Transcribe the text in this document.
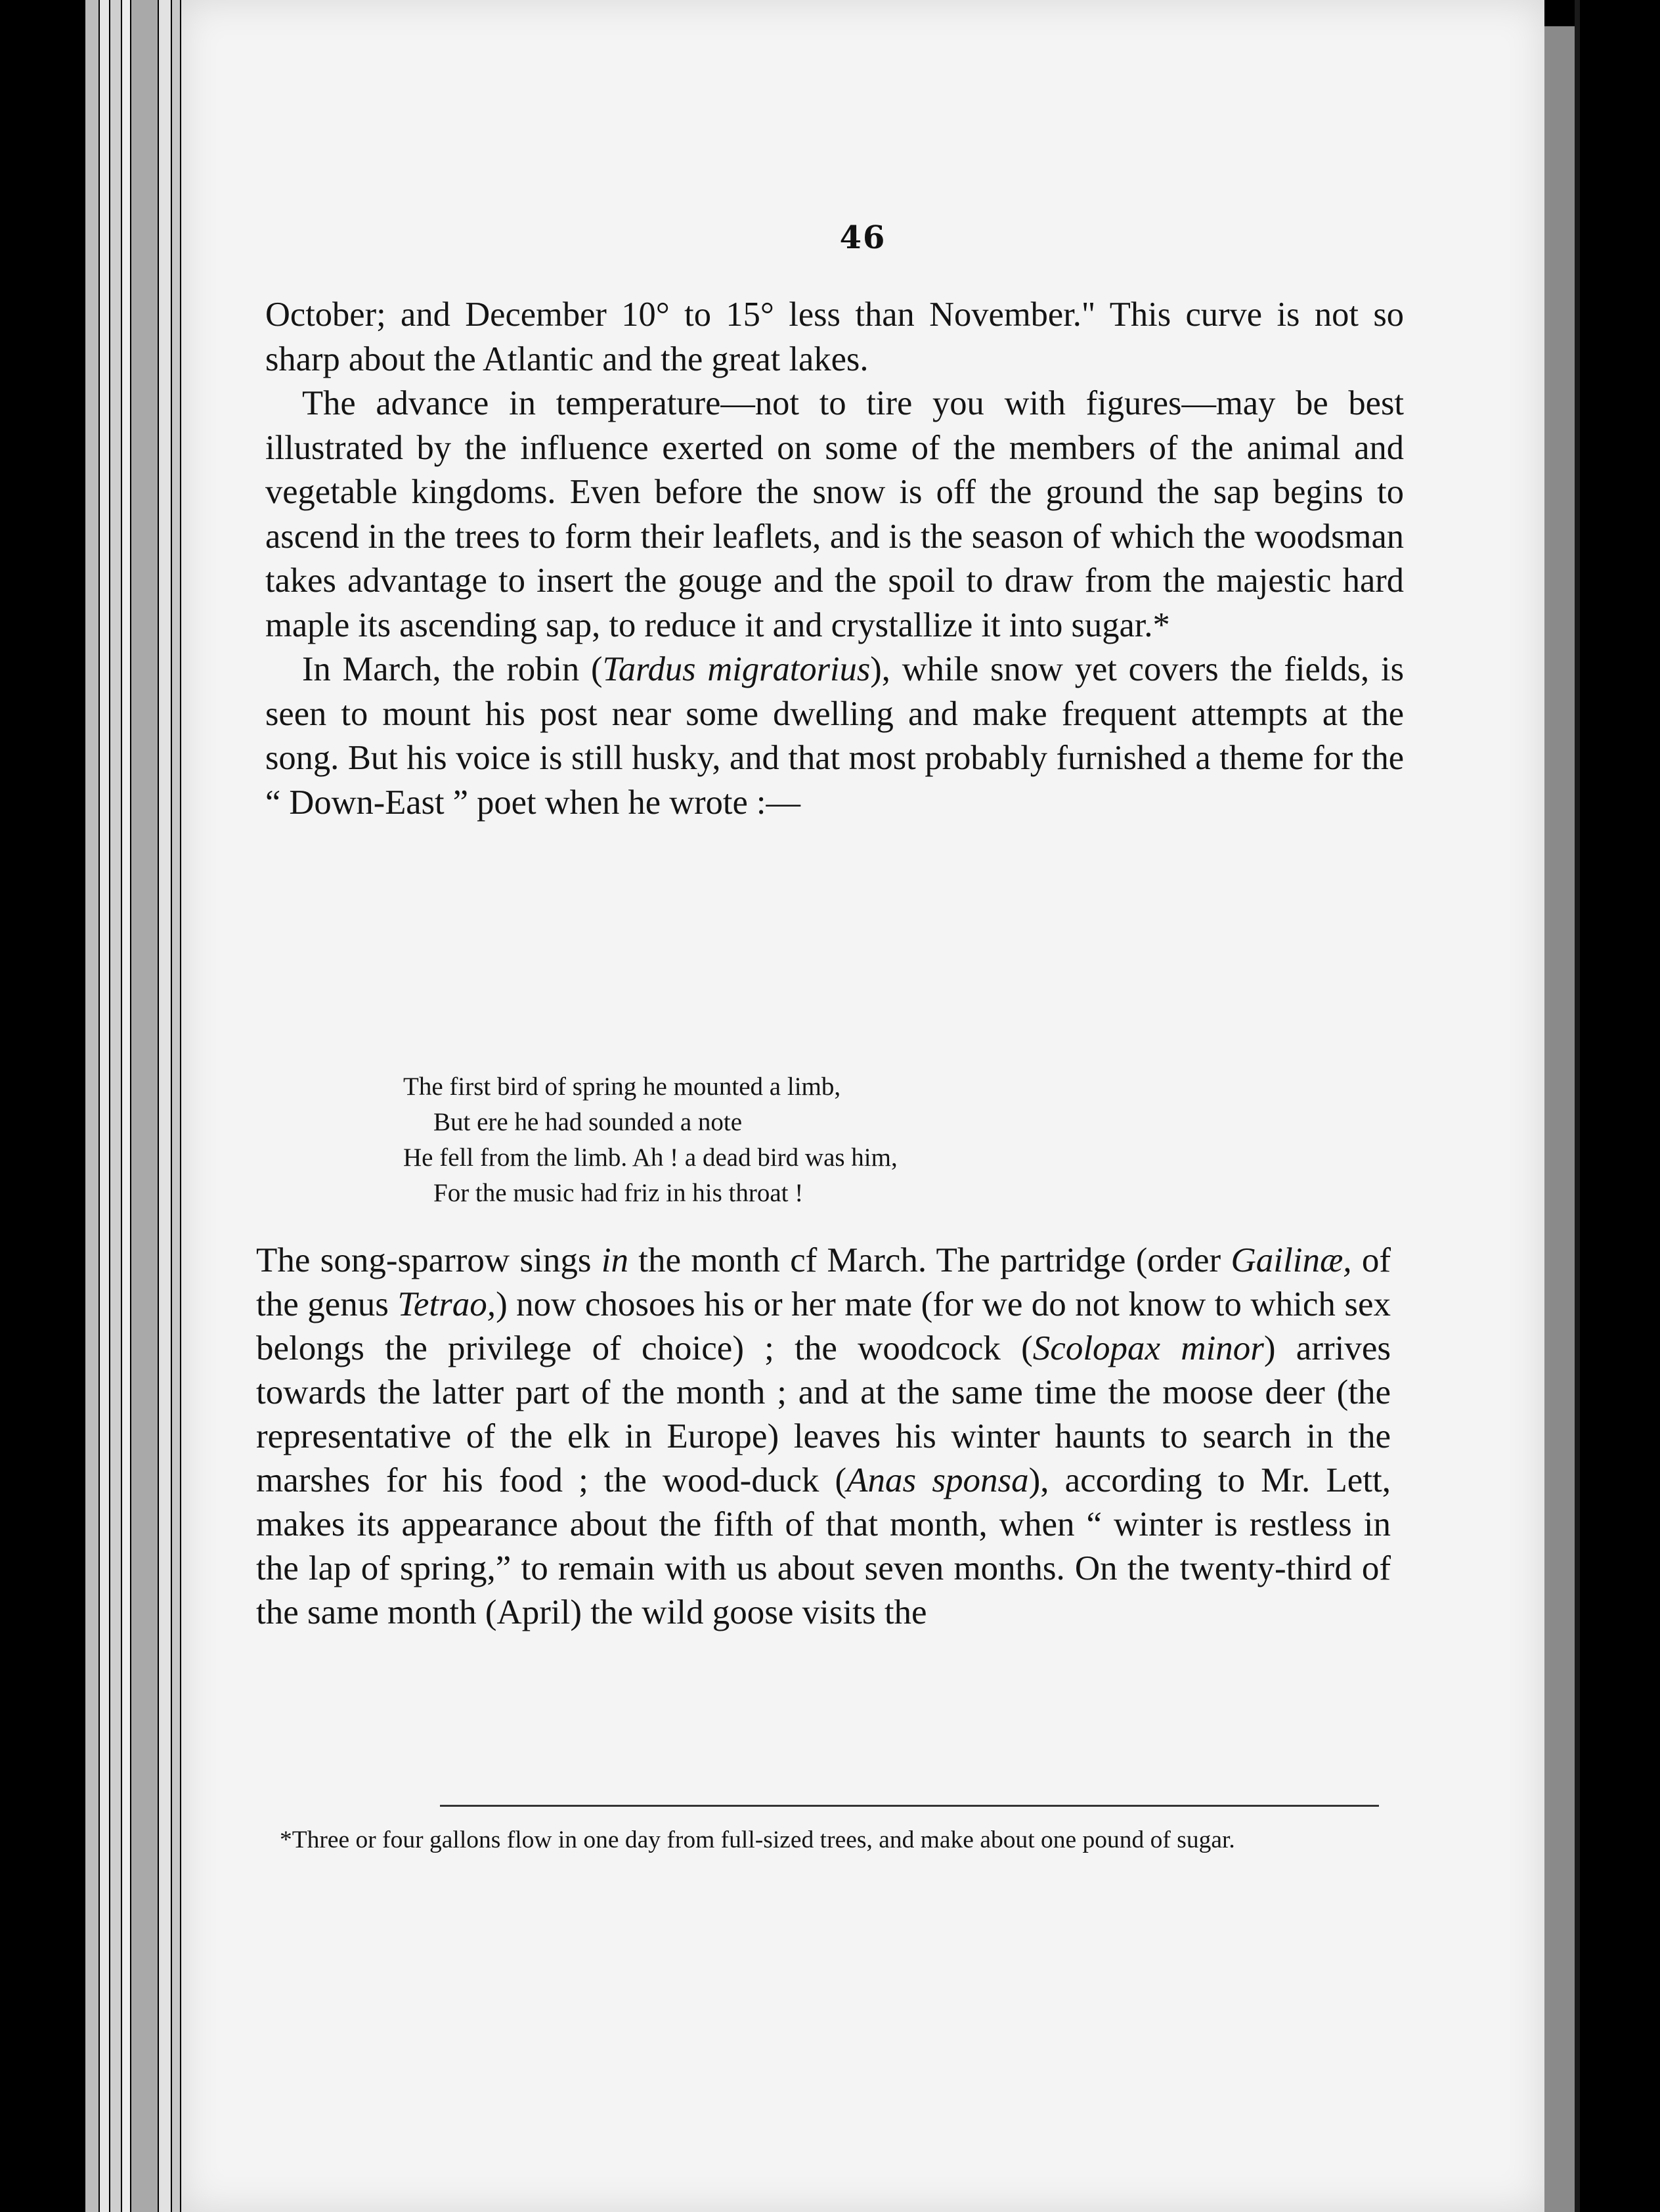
46

October; and December 10° to 15° less than November." This curve is not so sharp about the Atlantic and the great lakes.

The advance in temperature—not to tire you with figures—may be best illustrated by the influence exerted on some of the members of the animal and vegetable kingdoms. Even before the snow is off the ground the sap begins to ascend in the trees to form their leaflets, and is the season of which the woodsman takes advantage to insert the gouge and the spoil to draw from the majestic hard maple its ascending sap, to reduce it and crystallize it into sugar.*

In March, the robin (Tardus migratorius), while snow yet covers the fields, is seen to mount his post near some dwelling and make frequent attempts at the song. But his voice is still husky, and that most probably furnished a theme for the “ Down-East ” poet when he wrote :—

The first bird of spring he mounted a limb,
But ere he had sounded a note
He fell from the limb. Ah ! a dead bird was him,
For the music had friz in his throat !

The song-sparrow sings in the month cf March. The partridge (order Gailinæ, of the genus Tetrao,) now chosoes his or her mate (for we do not know to which sex belongs the privilege of choice) ; the woodcock (Scolopax minor) arrives towards the latter part of the month ; and at the same time the moose deer (the representative of the elk in Europe) leaves his winter haunts to search in the marshes for his food ; the wood-duck (Anas sponsa), according to Mr. Lett, makes its appearance about the fifth of that month, when “ winter is restless in the lap of spring,” to remain with us about seven months. On the twenty-third of the same month (April) the wild goose visits the

*Three or four gallons flow in one day from full-sized trees, and make about one pound of sugar.
